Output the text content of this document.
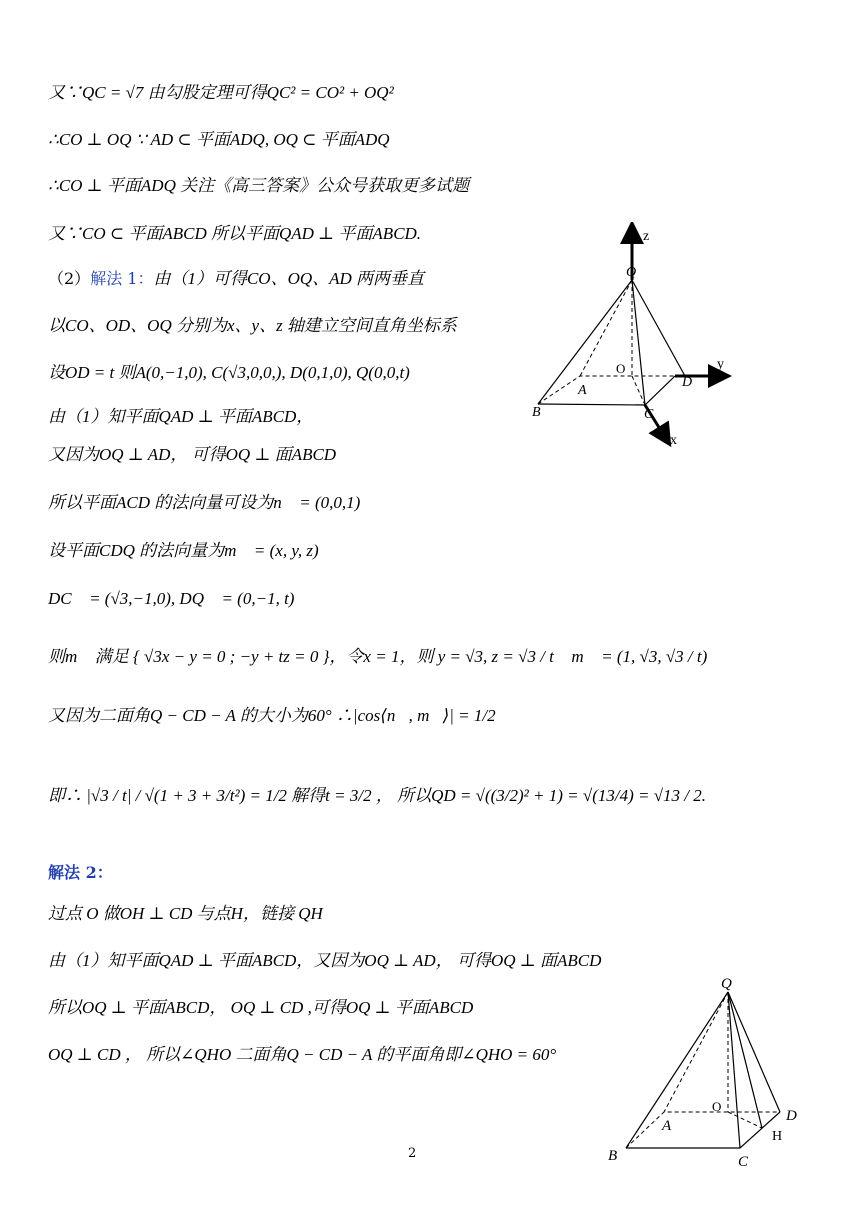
又∵QC = √7 由勾股定理可得QC² = CO² + OQ²
∴CO ⊥ OQ ∵ AD ⊂ 平面ADQ, OQ ⊂ 平面ADQ
∴CO ⊥ 平面ADQ 关注《高三答案》公众号获取更多试题
又∵CO ⊂ 平面ABCD 所以平面QAD ⊥ 平面ABCD.
（2）解法 1：由（1）可得CO、OQ、AD 两两垂直
以CO、OD、OQ 分别为x、y、z 轴建立空间直角坐标系
设OD = t 则A(0,−1,0), C(√3,0,0,), D(0,1,0), Q(0,0,t)
由（1）知平面QAD ⊥ 平面ABCD，
又因为OQ ⊥ AD， 可得OQ ⊥ 面ABCD
所以平面ACD 的法向量可设为n⃗ = (0,0,1)
设平面CDQ 的法向量为m⃗ = (x, y, z)，
DC⃗ = (√3,−1,0), DQ⃗ = (0,−1, t)
则m⃗ 满足 { √3x − y = 0 ; −y + tz = 0 }，令x = 1，则 y = √3, z = √3 / t ∴m⃗ = (1, √3, √3 / t)
又因为二面角Q − CD − A 的大小为60° ∴|cos⟨n⃗, m⃗⟩| = 1/2
即∴ |√3 / t| / √(1 + 3 + 3/t²) = 1/2 解得t = 3/2 ， 所以QD = √((3/2)² + 1) = √(13/4) = √13 / 2.
解法 2：
过点 O 做OH ⊥ CD 与点H，链接 QH
由（1）知平面QAD ⊥ 平面ABCD，又因为OQ ⊥ AD， 可得OQ ⊥ 面ABCD
所以OQ ⊥ 平面ABCD， OQ ⊥ CD ,可得OQ ⊥ 平面ABCD
OQ ⊥ CD ， 所以∠QHO 二面角Q − CD − A 的平面角即∠QHO = 60°
z
y
x
Q
O
A
B	C
D
Q
O
A
B	C
D
H
2
